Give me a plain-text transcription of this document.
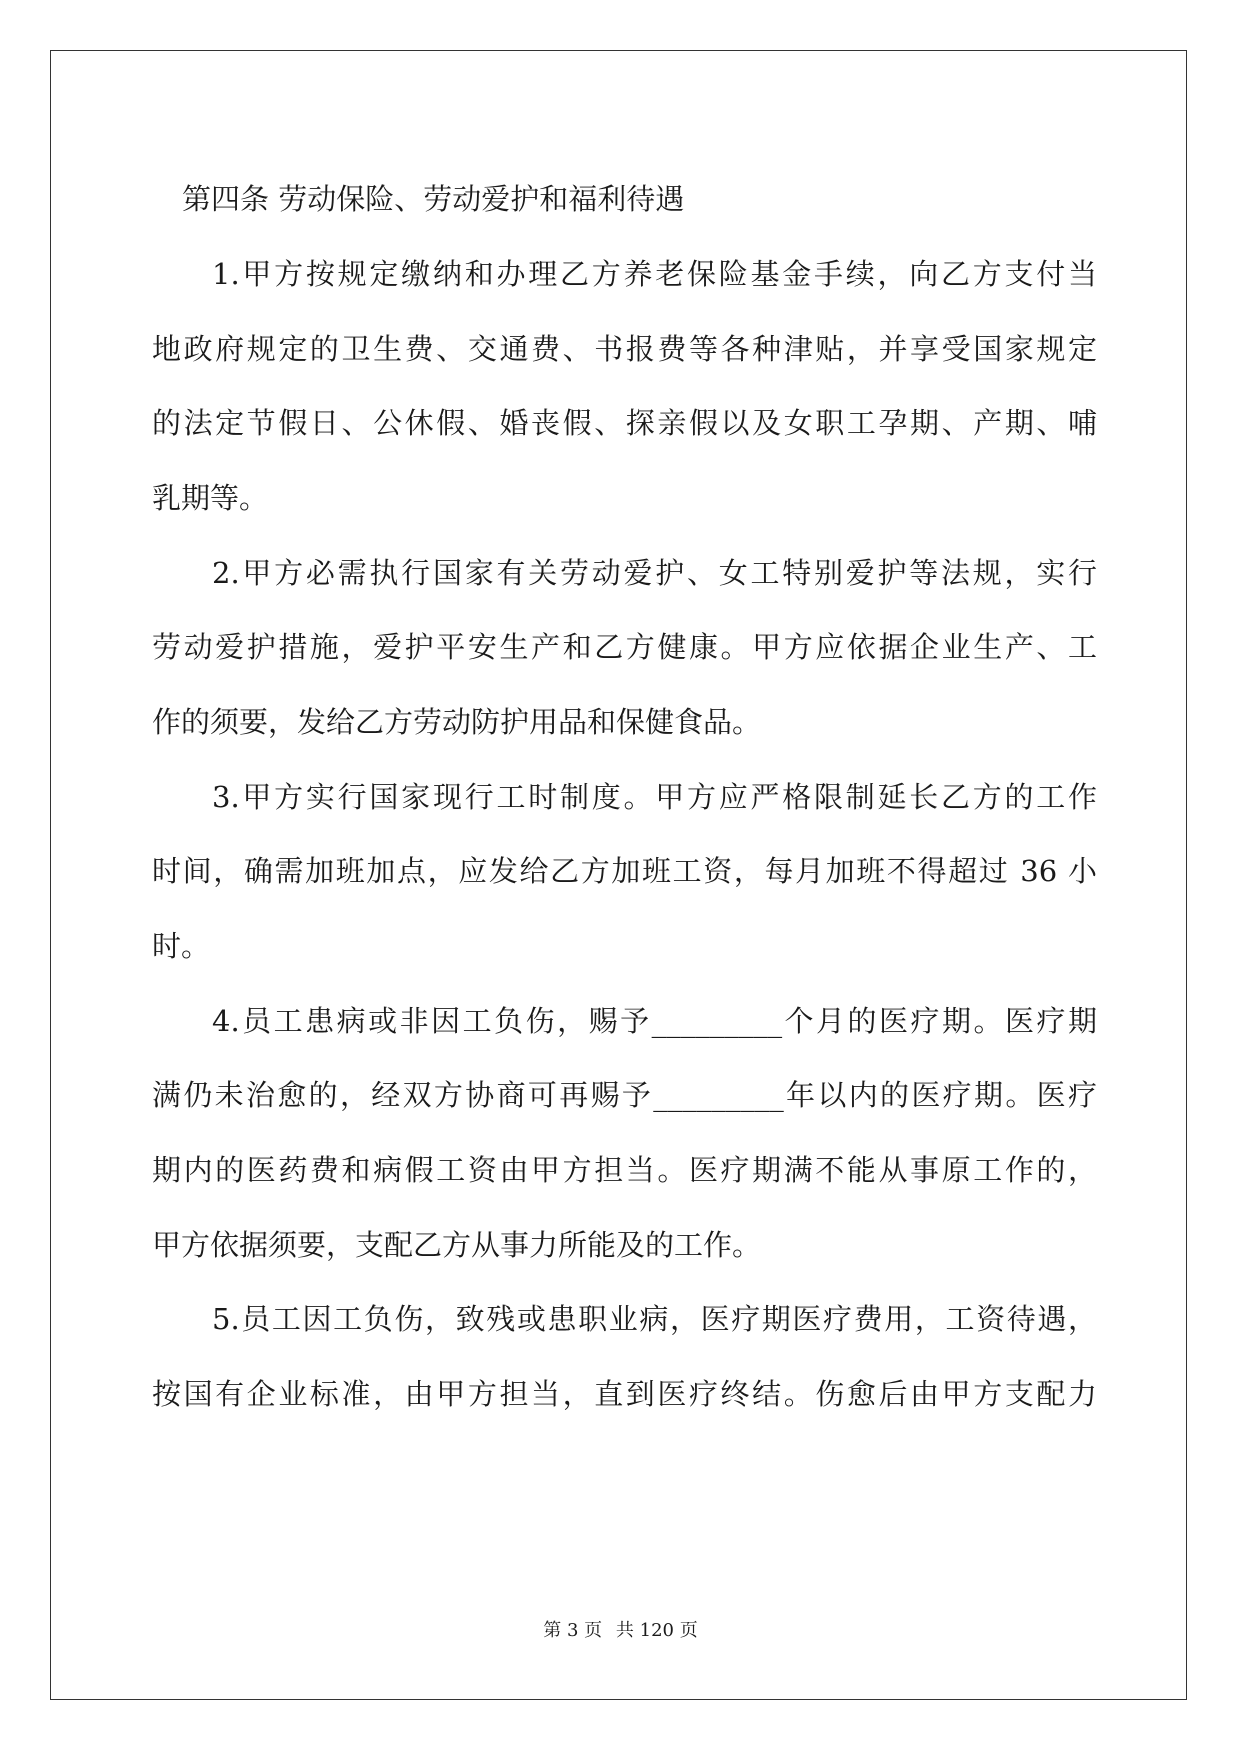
第四条 劳动保险、劳动爱护和福利待遇
1.甲方按规定缴纳和办理乙方养老保险基金手续，向乙方支付当
地政府规定的卫生费、交通费、书报费等各种津贴，并享受国家规定
的法定节假日、公休假、婚丧假、探亲假以及女职工孕期、产期、哺
乳期等。
2.甲方必需执行国家有关劳动爱护、女工特别爱护等法规，实行
劳动爱护措施，爱护平安生产和乙方健康。甲方应依据企业生产、工
作的须要，发给乙方劳动防护用品和保健食品。
3.甲方实行国家现行工时制度。甲方应严格限制延长乙方的工作
时间，确需加班加点，应发给乙方加班工资，每月加班不得超过 36 小
时。
4.员工患病或非因工负伤，赐予_________个月的医疗期。医疗期
满仍未治愈的，经双方协商可再赐予_________年以内的医疗期。医疗
期内的医药费和病假工资由甲方担当。医疗期满不能从事原工作的，
甲方依据须要，支配乙方从事力所能及的工作。
5.员工因工负伤，致残或患职业病，医疗期医疗费用，工资待遇，
按国有企业标准，由甲方担当，直到医疗终结。伤愈后由甲方支配力
第 3 页 共 120 页
